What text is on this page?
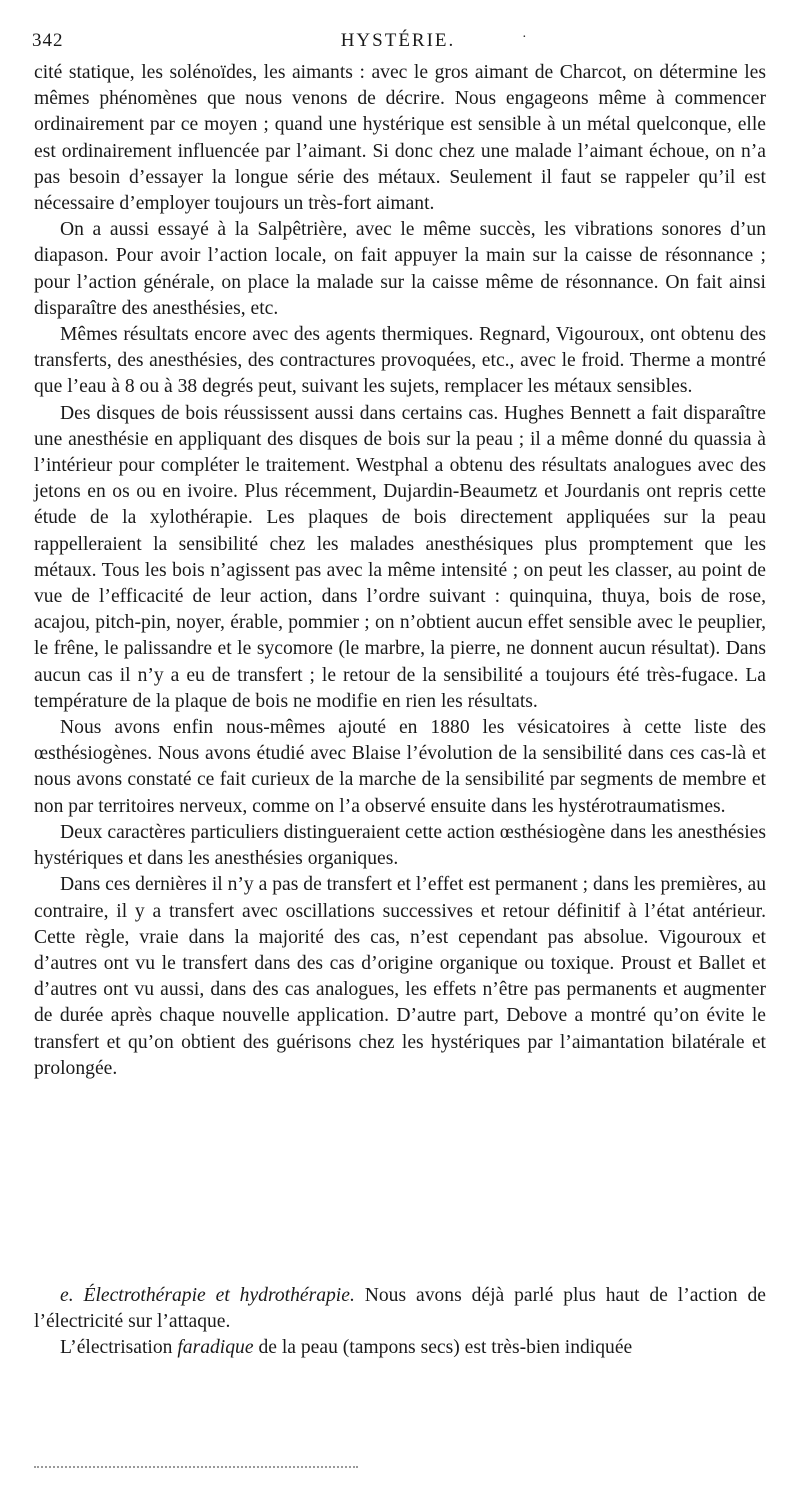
342	HYSTÉRIE.	·

cité statique, les solénoïdes, les aimants : avec le gros aimant de Charcot, on détermine les mêmes phénomènes que nous venons de décrire. Nous engageons même à commencer ordinairement par ce moyen ; quand une hystérique est sensible à un métal quelconque, elle est ordinairement influencée par l’aimant. Si donc chez une malade l’aimant échoue, on n’a pas besoin d’essayer la longue série des métaux. Seulement il faut se rappeler qu’il est nécessaire d’employer toujours un très-fort aimant.

On a aussi essayé à la Salpêtrière, avec le même succès, les vibrations sonores d’un diapason. Pour avoir l’action locale, on fait appuyer la main sur la caisse de résonnance ; pour l’action générale, on place la malade sur la caisse même de résonnance. On fait ainsi disparaître des anesthésies, etc.

Mêmes résultats encore avec des agents thermiques. Regnard, Vigouroux, ont obtenu des transferts, des anesthésies, des contractures provoquées, etc., avec le froid. Therme a montré que l’eau à 8 ou à 38 degrés peut, suivant les sujets, remplacer les métaux sensibles.

Des disques de bois réussissent aussi dans certains cas. Hughes Bennett a fait disparaître une anesthésie en appliquant des disques de bois sur la peau ; il a même donné du quassia à l’intérieur pour compléter le traitement. Westphal a obtenu des résultats analogues avec des jetons en os ou en ivoire. Plus récemment, Dujardin-Beaumetz et Jourdanis ont repris cette étude de la xylothérapie. Les plaques de bois directement appliquées sur la peau rappelleraient la sensibilité chez les malades anesthésiques plus promptement que les métaux. Tous les bois n’agissent pas avec la même intensité ; on peut les classer, au point de vue de l’efficacité de leur action, dans l’ordre suivant : quinquina, thuya, bois de rose, acajou, pitch-pin, noyer, érable, pommier ; on n’obtient aucun effet sensible avec le peuplier, le frêne, le palissandre et le sycomore (le marbre, la pierre, ne donnent aucun résultat). Dans aucun cas il n’y a eu de transfert ; le retour de la sensibilité a toujours été très-fugace. La température de la plaque de bois ne modifie en rien les résultats.

Nous avons enfin nous-mêmes ajouté en 1880 les vésicatoires à cette liste des œsthésiogènes. Nous avons étudié avec Blaise l’évolution de la sensibilité dans ces cas-là et nous avons constaté ce fait curieux de la marche de la sensibilité par segments de membre et non par territoires nerveux, comme on l’a observé ensuite dans les hystérotraumatismes.

Deux caractères particuliers distingueraient cette action œsthésiogène dans les anesthésies hystériques et dans les anesthésies organiques.

Dans ces dernières il n’y a pas de transfert et l’effet est permanent ; dans les premières, au contraire, il y a transfert avec oscillations successives et retour définitif à l’état antérieur. Cette règle, vraie dans la majorité des cas, n’est cependant pas absolue. Vigouroux et d’autres ont vu le transfert dans des cas d’origine organique ou toxique. Proust et Ballet et d’autres ont vu aussi, dans des cas analogues, les effets n’être pas permanents et augmenter de durée après chaque nouvelle application. D’autre part, Debove a montré qu’on évite le transfert et qu’on obtient des guérisons chez les hystériques par l’aimantation bilatérale et prolongée.

e. Électrothérapie et hydrothérapie. Nous avons déjà parlé plus haut de l’action de l’électricité sur l’attaque.

L’électrisation faradique de la peau (tampons secs) est très-bien indiquée
